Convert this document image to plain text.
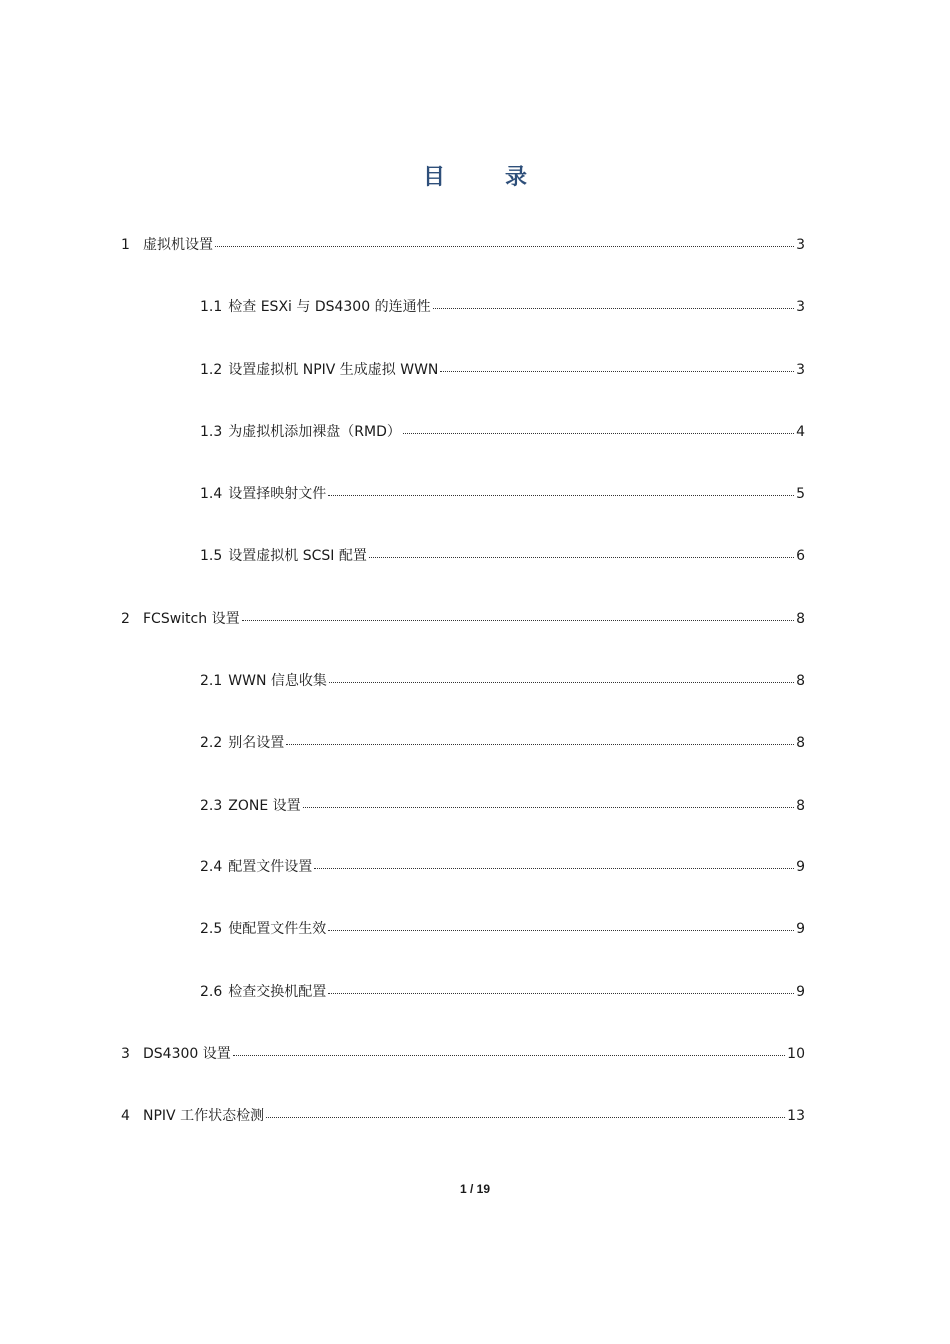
目	录
1 虚拟机设置	3
1.1 检查 ESXi 与 DS4300 的连通性	3
1.2 设置虚拟机 NPIV 生成虚拟 WWN	3
1.3 为虚拟机添加裸盘（RMD）	4
1.4 设置择映射文件	5
1.5 设置虚拟机 SCSI 配置	6
2 FCSwitch 设置	8
2.1 WWN 信息收集	8
2.2 别名设置	8
2.3 ZONE 设置	8
2.4 配置文件设置	9
2.5 使配置文件生效	9
2.6 检查交换机配置	9
3 DS4300 设置	10
4 NPIV 工作状态检测	13
1 / 19
